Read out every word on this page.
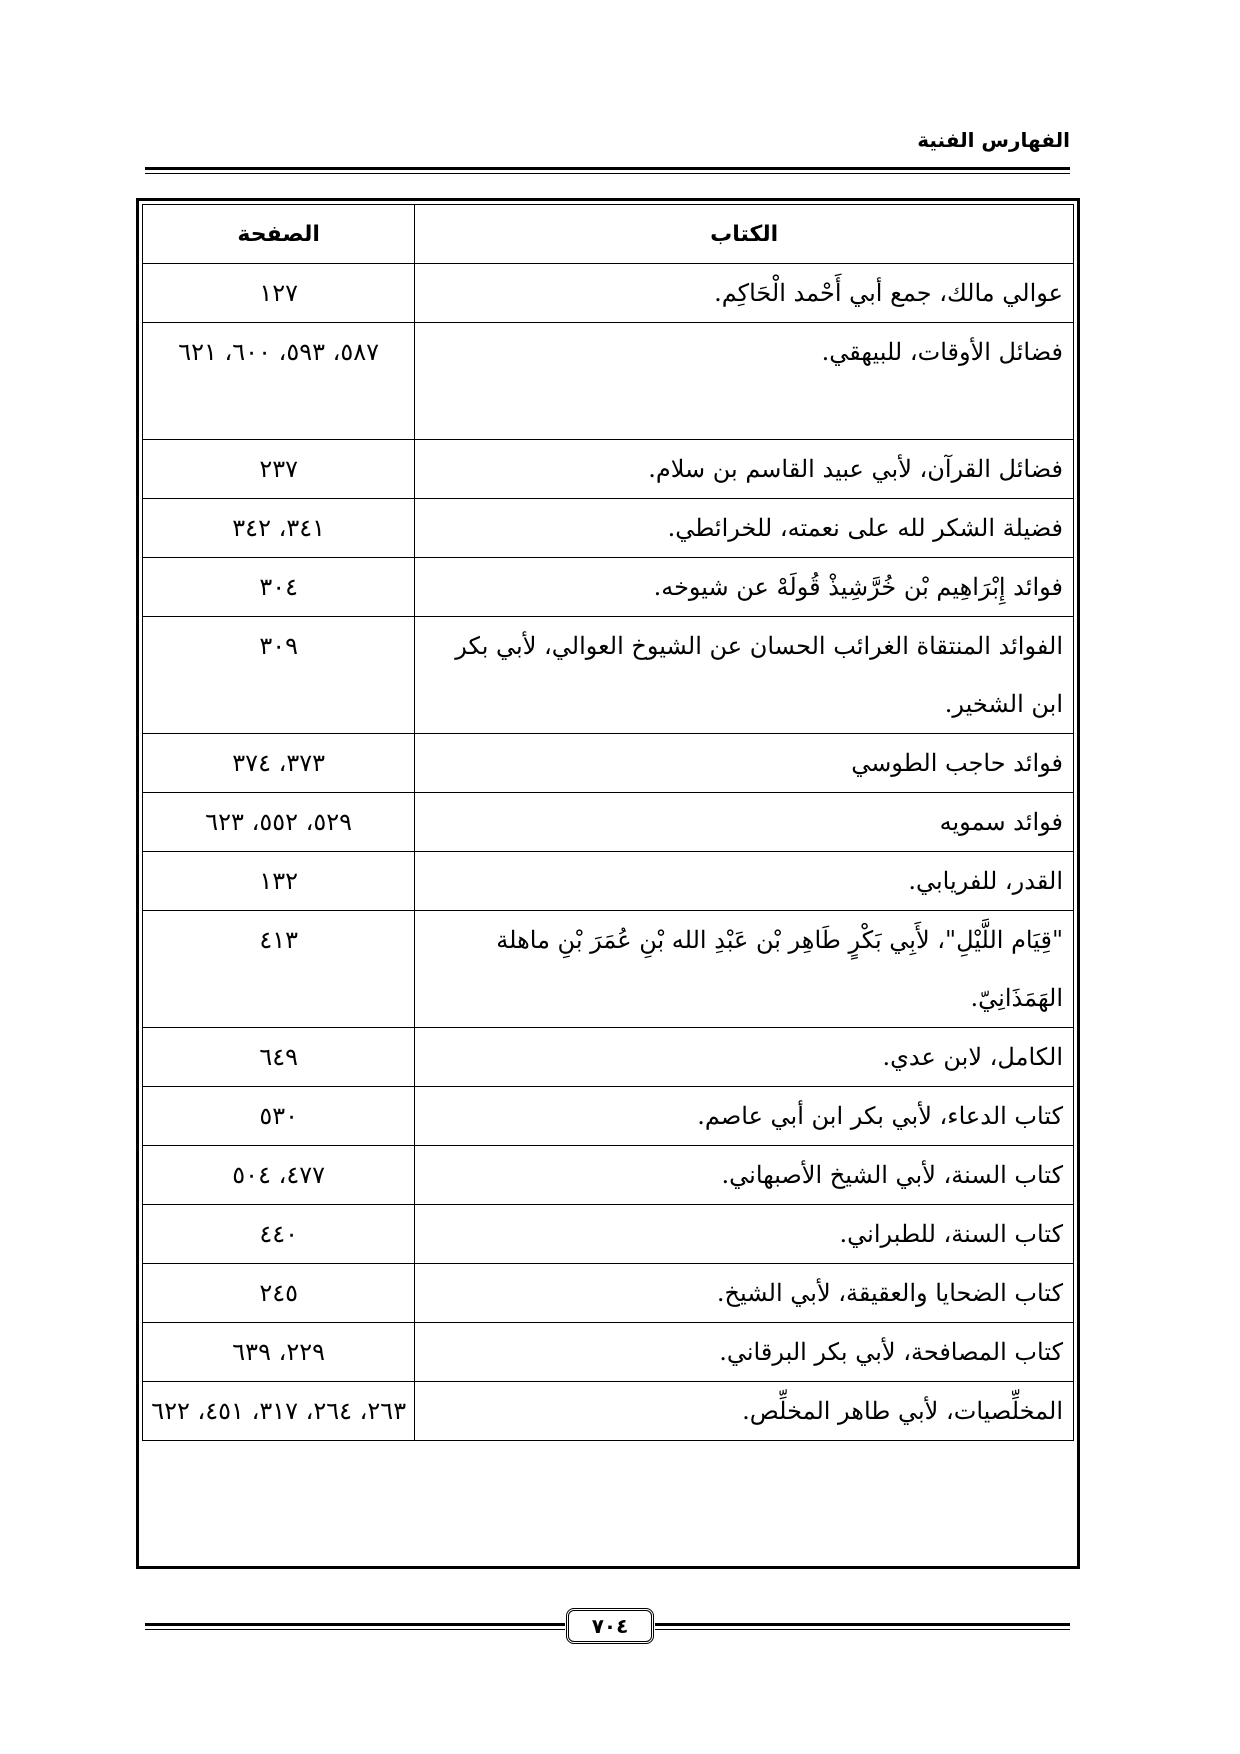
الفهارس الفنية
الكتاب	الصفحة
عوالي مالك، جمع أبي أَحْمد الْحَاكِم.	١٢٧
فضائل الأوقات، للبيهقي.	٥٨٧، ٥٩٣، ٦٠٠، ٦٢١
فضائل القرآن، لأبي عبيد القاسم بن سلام.	٢٣٧
فضيلة الشكر لله على نعمته، للخرائطي.	٣٤١، ٣٤٢
فوائد إِبْرَاهِيم بْن خُرَّشِيذْ قُولَهْ عن شيوخه.	٣٠٤
الفوائد المنتقاة الغرائب الحسان عن الشيوخ العوالي، لأبي بكر ابن الشخير.	٣٠٩
فوائد حاجب الطوسي	٣٧٣، ٣٧٤
فوائد سمويه	٥٢٩، ٥٥٢، ٦٢٣
القدر، للفريابي.	١٣٢
"قِيَام اللَّيْلِ"، لأَبِي بَكْرٍ طَاهِر بْن عَبْدِ الله بْنِ عُمَرَ بْنِ ماهلة الهَمَذَانِيّ.	٤١٣
الكامل، لابن عدي.	٦٤٩
كتاب الدعاء، لأبي بكر ابن أبي عاصم.	٥٣٠
كتاب السنة، لأبي الشيخ الأصبهاني.	٤٧٧، ٥٠٤
كتاب السنة، للطبراني.	٤٤٠
كتاب الضحايا والعقيقة، لأبي الشيخ.	٢٤٥
كتاب المصافحة، لأبي بكر البرقاني.	٢٢٩، ٦٣٩
المخلِّصيات، لأبي طاهر المخلِّص.	٢٦٣، ٢٦٤، ٣١٧، ٤٥١، ٦٢٢
٧٠٤
